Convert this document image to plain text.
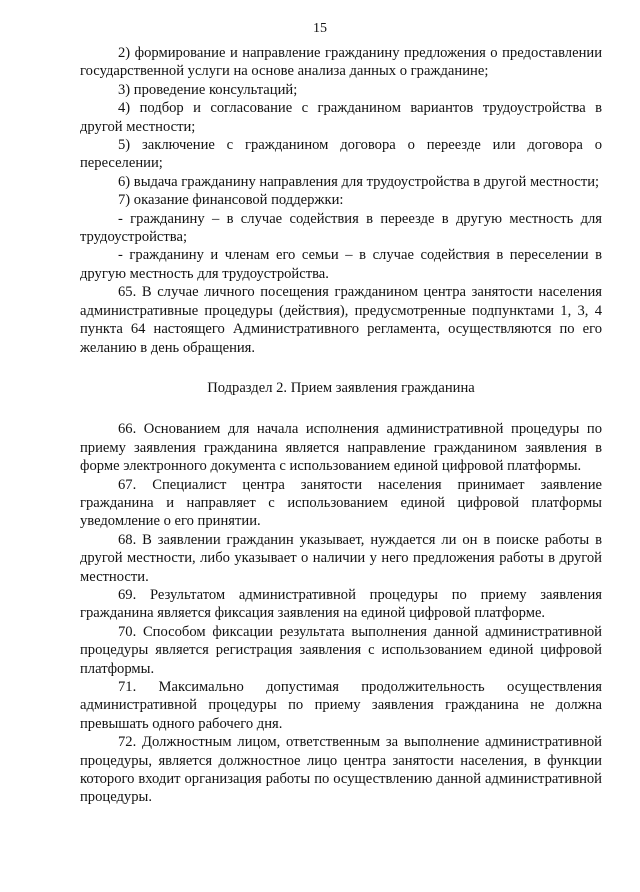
15

2) формирование и направление гражданину предложения о предоставлении государственной услуги на основе анализа данных о гражданине;

3) проведение консультаций;

4) подбор и согласование с гражданином вариантов трудоустройства в другой местности;

5) заключение с гражданином договора о переезде или договора о переселении;

6) выдача гражданину направления для трудоустройства в другой местности;

7) оказание финансовой поддержки:

- гражданину – в случае содействия в переезде в другую местность для трудоустройства;

- гражданину и членам его семьи – в случае содействия в переселении в другую местность для трудоустройства.

65. В случае личного посещения гражданином центра занятости населения административные процедуры (действия), предусмотренные подпунктами 1, 3, 4 пункта 64 настоящего Административного регламента, осуществляются по его желанию в день обращения.

Подраздел 2. Прием заявления гражданина

66. Основанием для начала исполнения административной процедуры по приему заявления гражданина является направление гражданином заявления в форме электронного документа с использованием единой цифровой платформы.

67. Специалист центра занятости населения принимает заявление гражданина и направляет с использованием единой цифровой платформы уведомление о его принятии.

68. В заявлении гражданин указывает, нуждается ли он в поиске работы в другой местности, либо указывает о наличии у него предложения работы в другой местности.

69. Результатом административной процедуры по приему заявления гражданина является фиксация заявления на единой цифровой платформе.

70. Способом фиксации результата выполнения данной административной процедуры является регистрация заявления с использованием единой цифровой платформы.

71. Максимально допустимая продолжительность осуществления административной процедуры по приему заявления гражданина не должна превышать одного рабочего дня.

72. Должностным лицом, ответственным за выполнение административной процедуры, является должностное лицо центра занятости населения, в функции которого входит организация работы по осуществлению данной административной процедуры.
